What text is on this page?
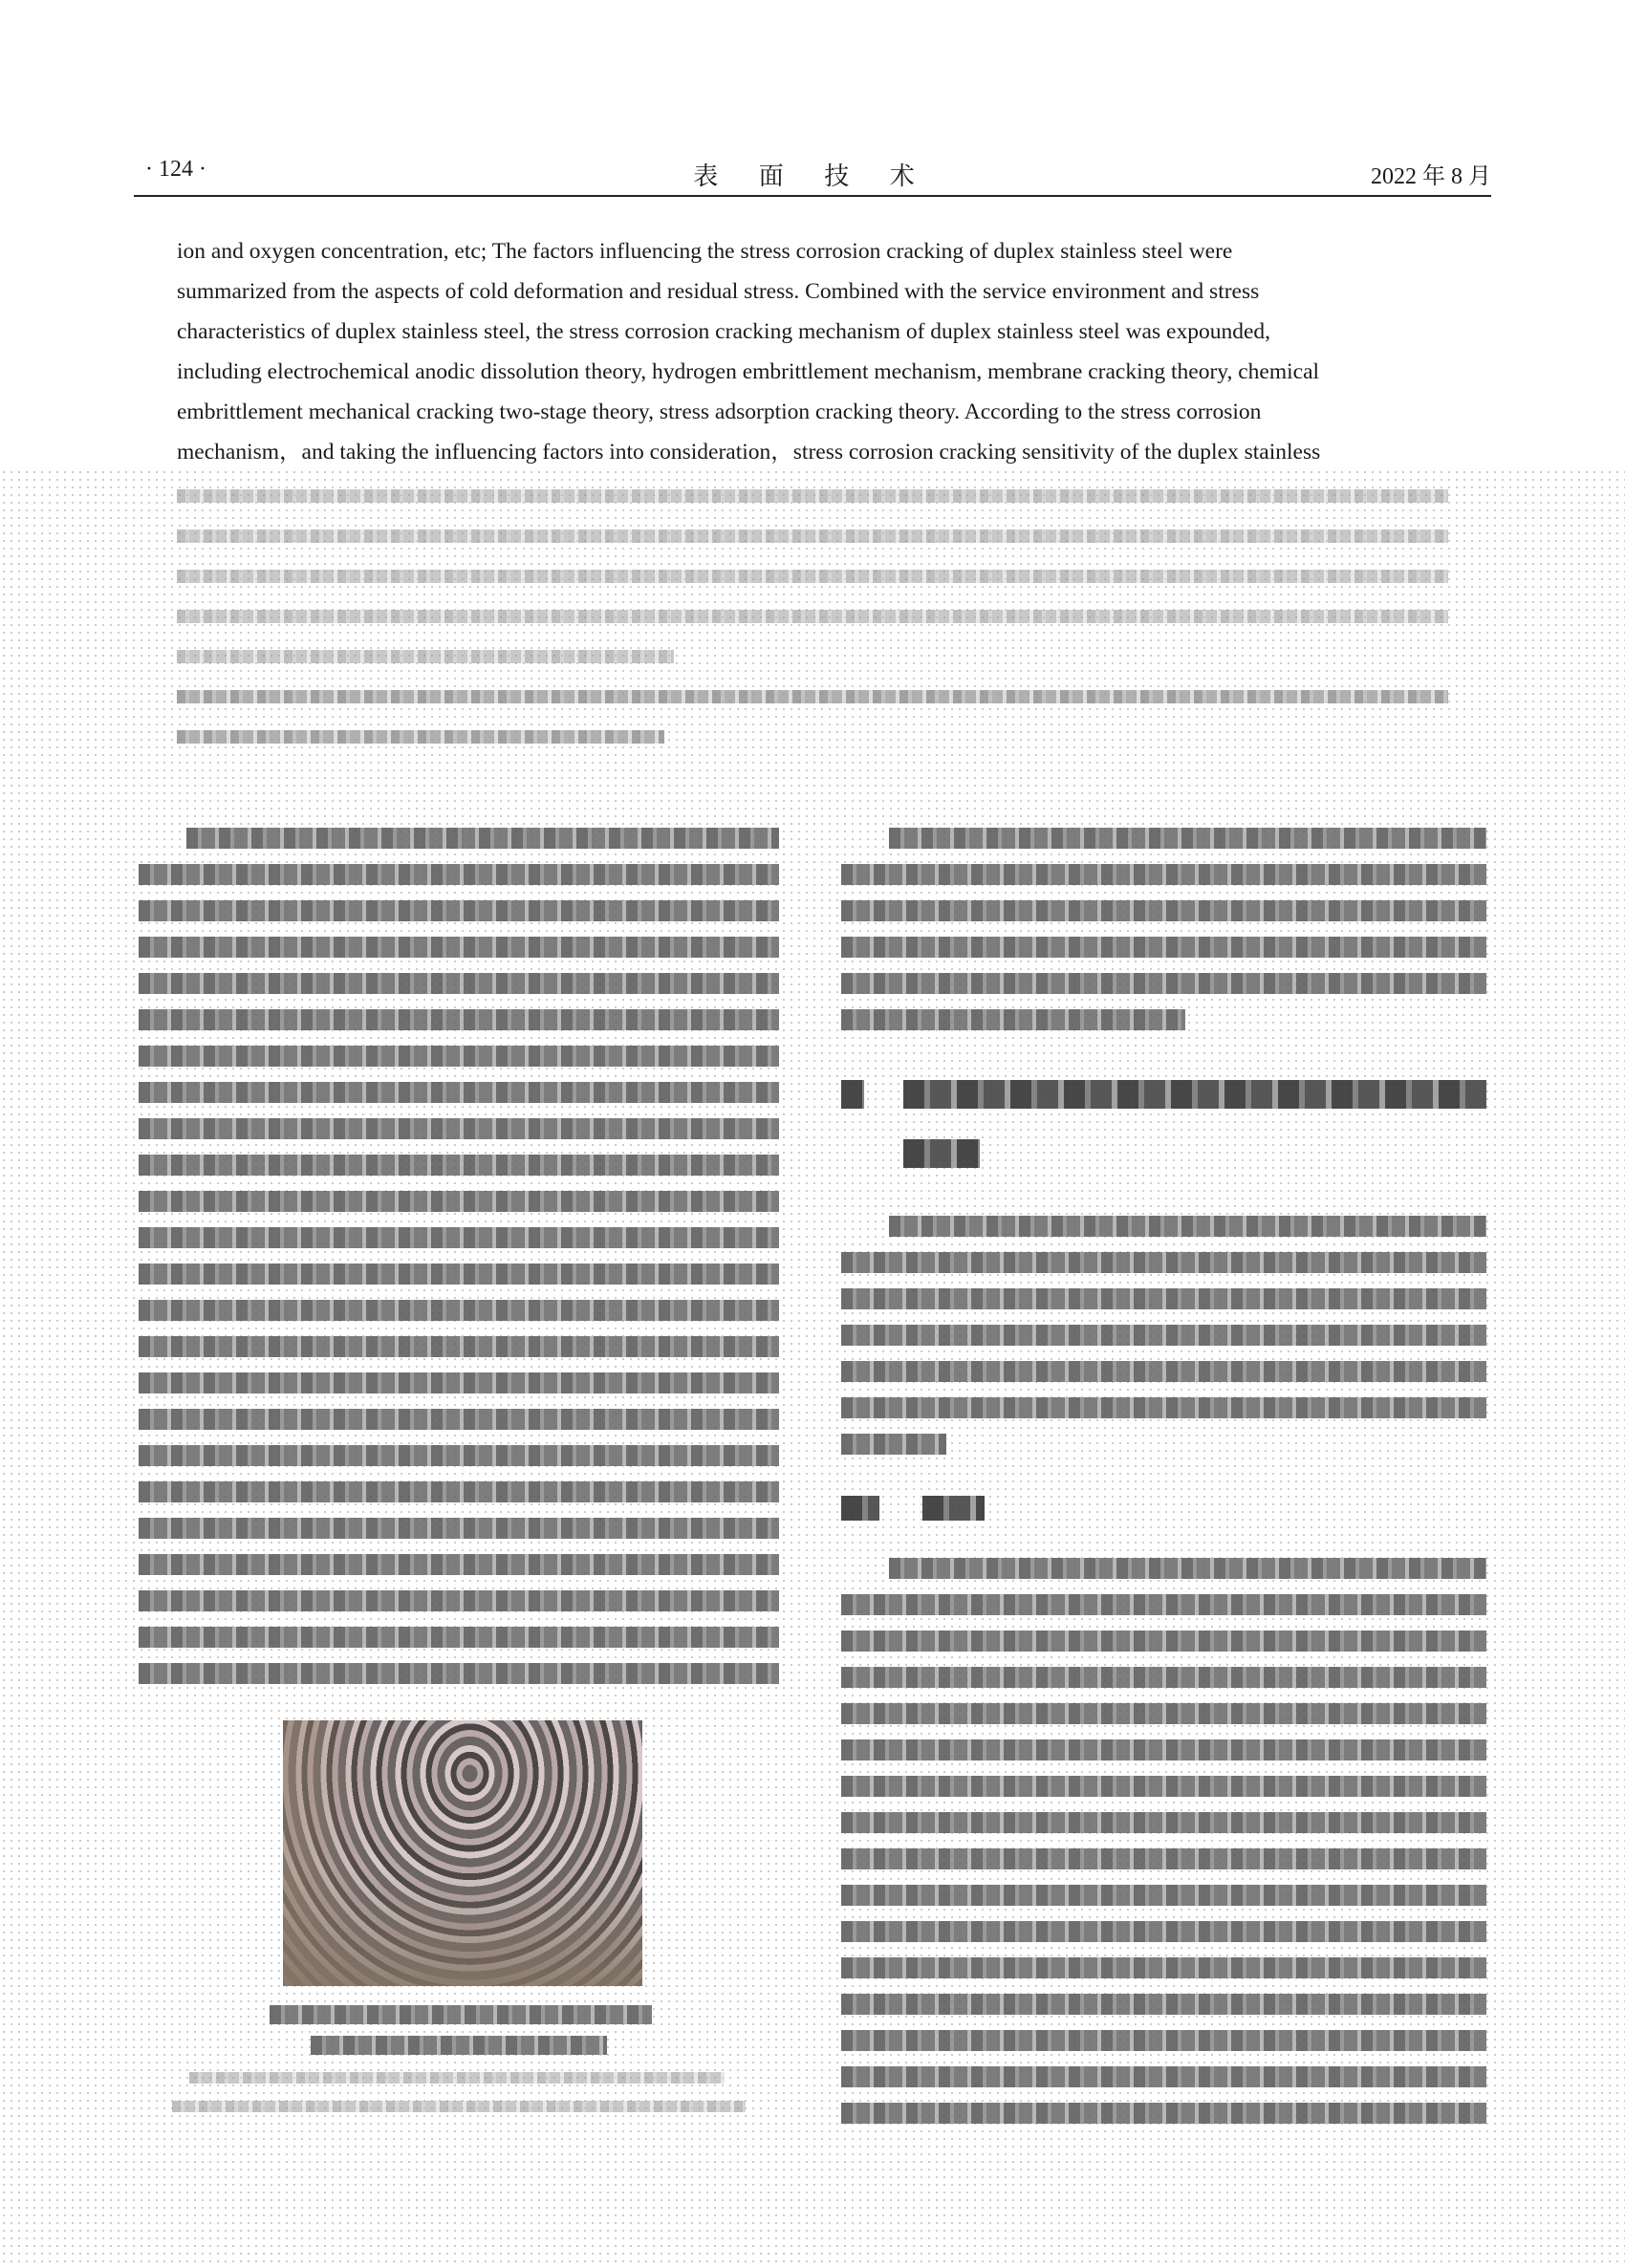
· 124 ·	表 面 技 术	2022 年 8 月

ion and oxygen concentration, etc; The factors influencing the stress corrosion cracking of duplex stainless steel were

summarized from the aspects of cold deformation and residual stress. Combined with the service environment and stress

characteristics of duplex stainless steel, the stress corrosion cracking mechanism of duplex stainless steel was expounded,

including electrochemical anodic dissolution theory, hydrogen embrittlement mechanism, membrane cracking theory, chemical

embrittlement mechanical cracking two-stage theory, stress adsorption cracking theory. According to the stress corrosion

mechanism，and taking the influencing factors into consideration，stress corrosion cracking sensitivity of the duplex stainless
